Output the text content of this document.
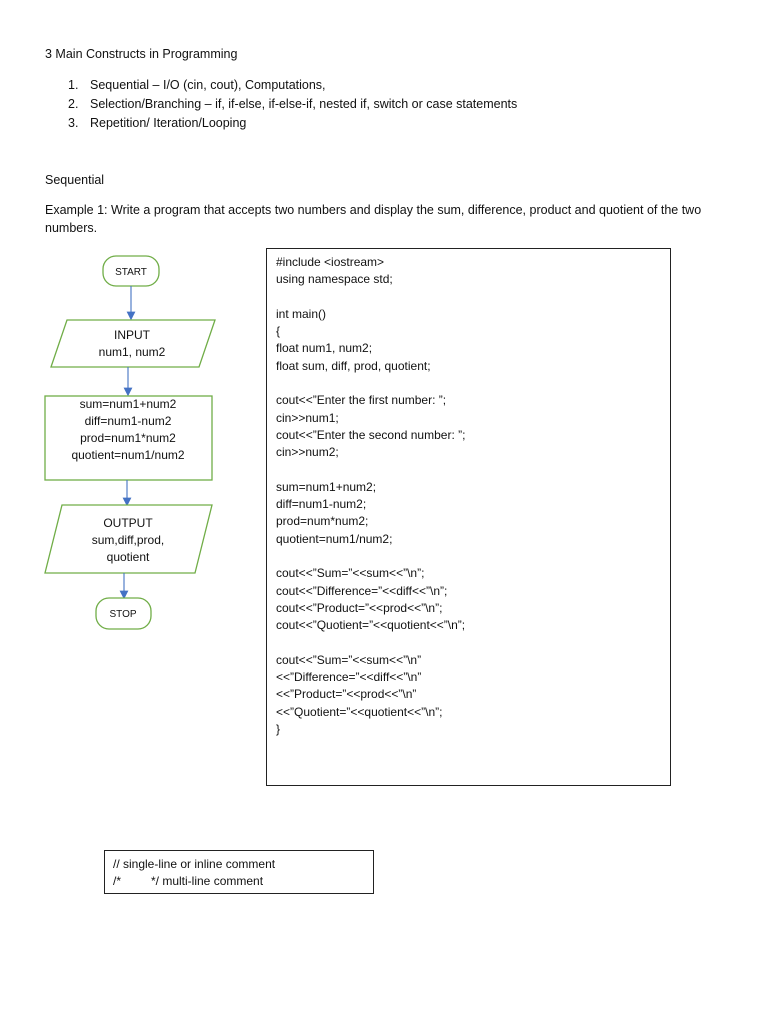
3 Main Constructs in Programming
1. Sequential – I/O (cin, cout), Computations,
2. Selection/Branching – if, if-else, if-else-if, nested if, switch or case statements
3. Repetition/ Iteration/Looping
Sequential
Example 1: Write a program that accepts two numbers and display the sum, difference, product and quotient of the two numbers.
START
INPUT
num1, num2
sum=num1+num2
diff=num1-num2
prod=num1*num2
quotient=num1/num2
OUTPUT
sum,diff,prod,
quotient
STOP
#include <iostream>
using namespace std;
int main()
{
float num1, num2;
float sum, diff, prod, quotient;
cout<<”Enter the first number: ”;
cin>>num1;
cout<<”Enter the second number: ”;
cin>>num2;
sum=num1+num2;
diff=num1-num2;
prod=num*num2;
quotient=num1/num2;
cout<<”Sum=”<<sum<<”\n”;
cout<<”Difference=”<<diff<<”\n”;
cout<<”Product=”<<prod<<”\n”;
cout<<”Quotient=”<<quotient<<”\n”;
cout<<”Sum=”<<sum<<”\n”
<<”Difference=”<<diff<<”\n”
<<”Product=”<<prod<<”\n”
<<”Quotient=”<<quotient<<”\n”;
}
// single-line or inline comment
/*         */ multi-line comment
